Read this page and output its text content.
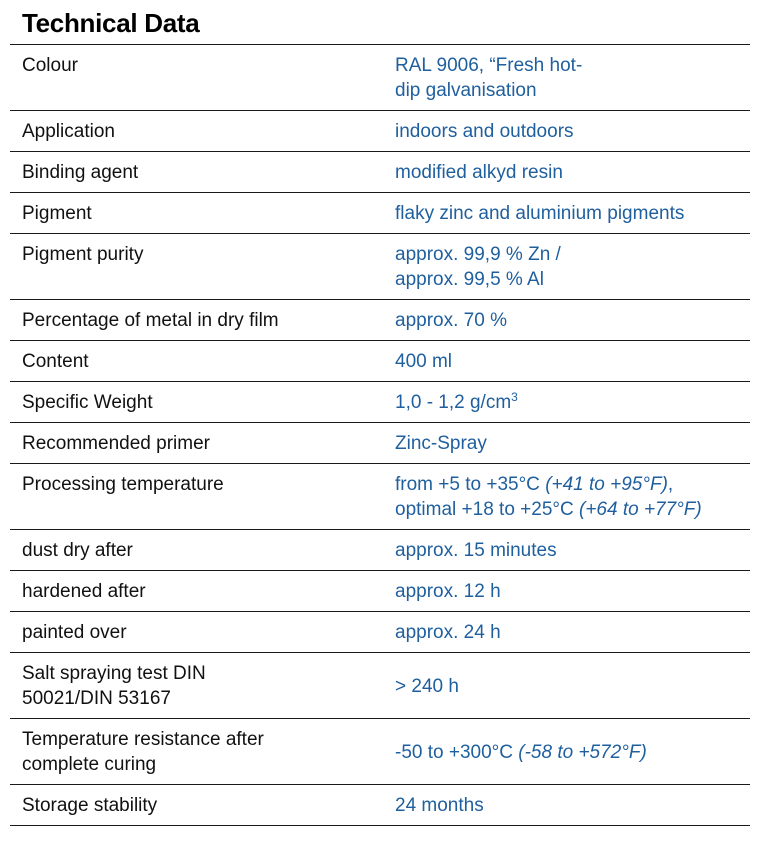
Technical Data
Colour	RAL 9006, “Fresh hot-
dip galvanisation

Application	indoors and outdoors

Binding agent	modified alkyd resin

Pigment	flaky zinc and aluminium pigments

Pigment purity	approx. 99,9 % Zn /
approx. 99,5 % Al

Percentage of metal in dry film	approx. 70 %

Content	400 ml

Specific Weight	1,0 - 1,2 $g/cm^3$

Recommended primer	Zinc-Spray

Processing temperature	from +5 to +35°C (+41 to +95°F),
optimal +18 to +25°C (+64 to +77°F)

dust dry after	approx. 15 minutes

hardened after	approx. 12 h

painted over	approx. 24 h

Salt spraying test DIN
50021/DIN 53167	> 240 h

Temperature resistance after
complete curing	-50 to +300°C (-58 to +572°F)

Storage stability	24 months
